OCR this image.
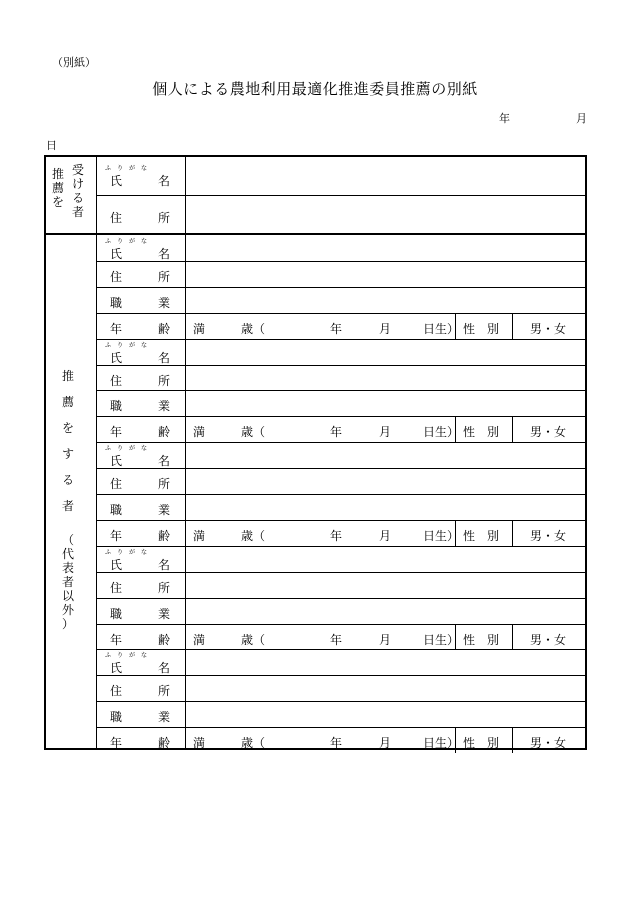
（別紙）
個人による農地利用最適化推進委員推薦の別紙
年	月
日
推
薦
を
受
け
る
者
ふ　り　が　な
氏　　　名
住　　　所
ふ　り　が　な
氏　　　名
住　　　所
職　　　業
年　　　齢 満　　　歳（	年	月	日生） 性　別	男・女
ふ　り　が　な
氏　　　名
住　　　所
職　　　業
年　　　齢 満　　　歳（	年	月	日生） 性　別	男・女
ふ　り　が　な
氏　　　名
住　　　所
職　　　業
年　　　齢 満　　　歳（	年	月	日生） 性　別	男・女
ふ　り　が　な
氏　　　名
住　　　所
職　　　業
年　　　齢 満　　　歳（	年	月	日生） 性　別	男・女
ふ　り　が　な
氏　　　名
住　　　所
職　　　業
年　　　齢 満　　　歳（	年	月	日生） 性　別	男・女
推
薦
を
す
る
者
（
代
表
者
以
外
）
